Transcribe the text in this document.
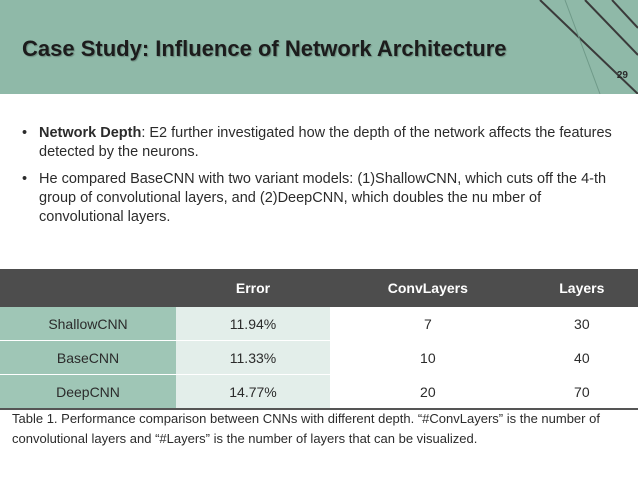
Case Study: Influence of Network Architecture
29
• Network Depth: E2 further investigated how the depth of the network affects the features detected by the neurons.
• He compared BaseCNN with two variant models: (1)ShallowCNN, which cuts off the 4-th group of convolutional layers, and (2)DeepCNN, which doubles the nu mber of convolutional layers.
	Error	ConvLayers	Layers
ShallowCNN	11.94%	7	30
BaseCNN	11.33%	10	40
DeepCNN	14.77%	20	70
Table 1. Performance comparison between CNNs with different depth. “#ConvLayers” is the number of convolutional layers and “#Layers” is the number of layers that can be visualized.
